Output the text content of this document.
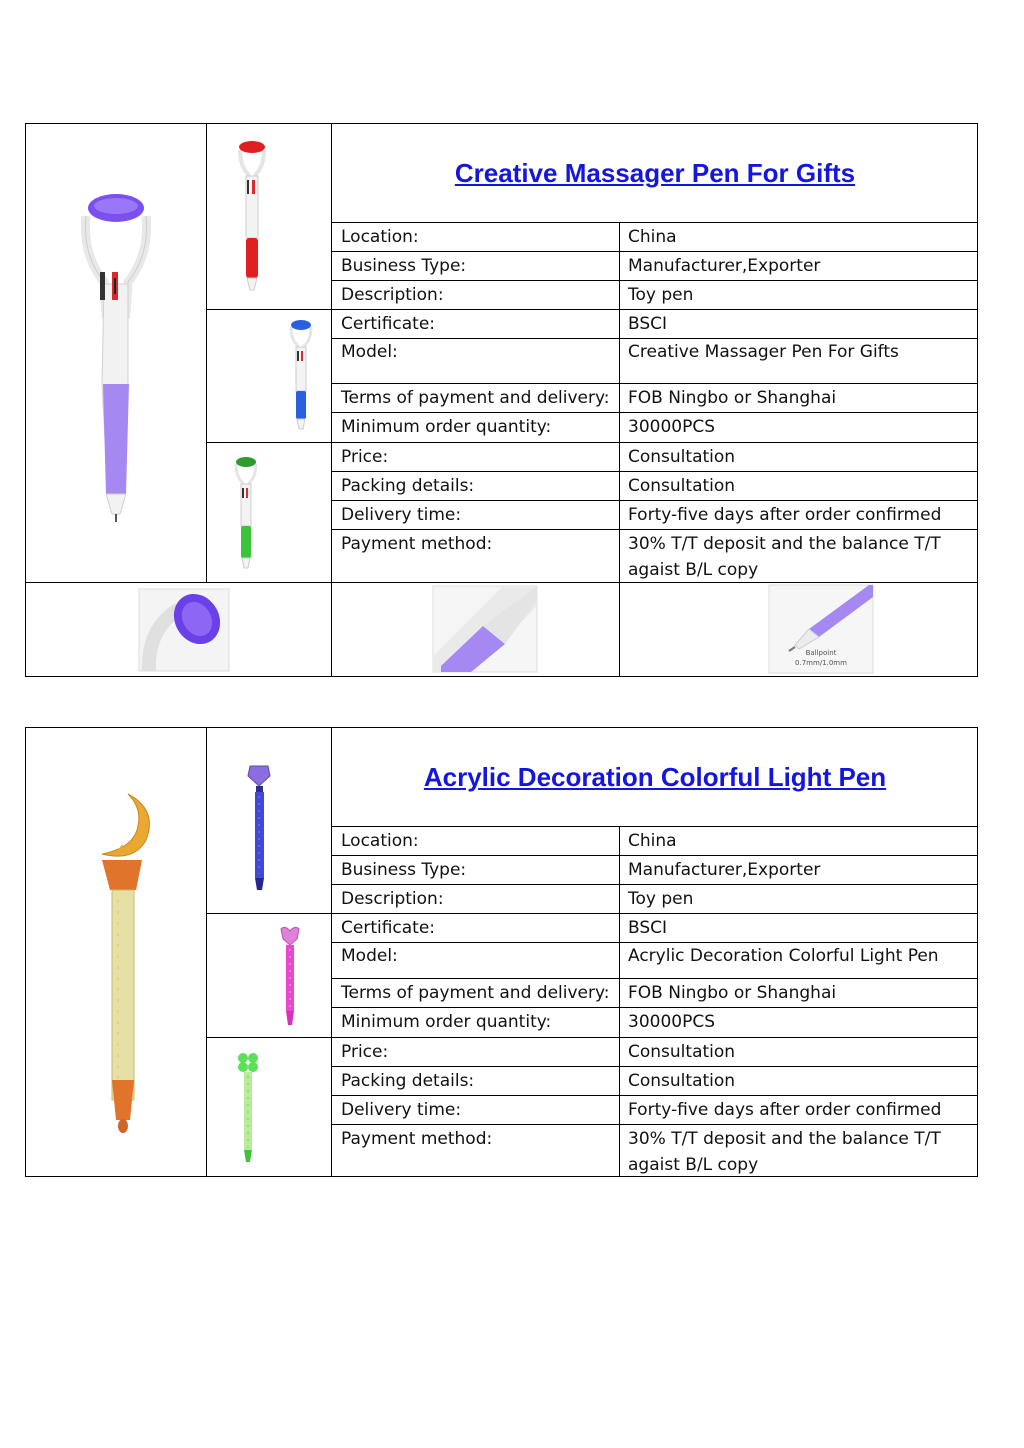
Creative Massager Pen For Gifts
Location:	China
Business Type:	Manufacturer,Exporter
Description:	Toy pen
Certificate:	BSCI
Model:	Creative Massager Pen For Gifts
Terms of payment and delivery: FOB Ningbo or Shanghai
Minimum order quantity:	30000PCS
Price:	Consultation
Packing details:	Consultation
Delivery time:	Forty-five days after order confirmed
Payment method:	30% T/T deposit and the balance T/T
agaist B/L copy
Ballpoint
0.7mm/1.0mm
Acrylic Decoration Colorful Light Pen
Location:	China
Business Type:	Manufacturer,Exporter
Description:	Toy pen
Certificate:	BSCI
Model:	Acrylic Decoration Colorful Light Pen
Terms of payment and delivery: FOB Ningbo or Shanghai
Minimum order quantity:	30000PCS
Price:	Consultation
Packing details:	Consultation
Delivery time:	Forty-five days after order confirmed
Payment method:	30% T/T deposit and the balance T/T
agaist B/L copy
